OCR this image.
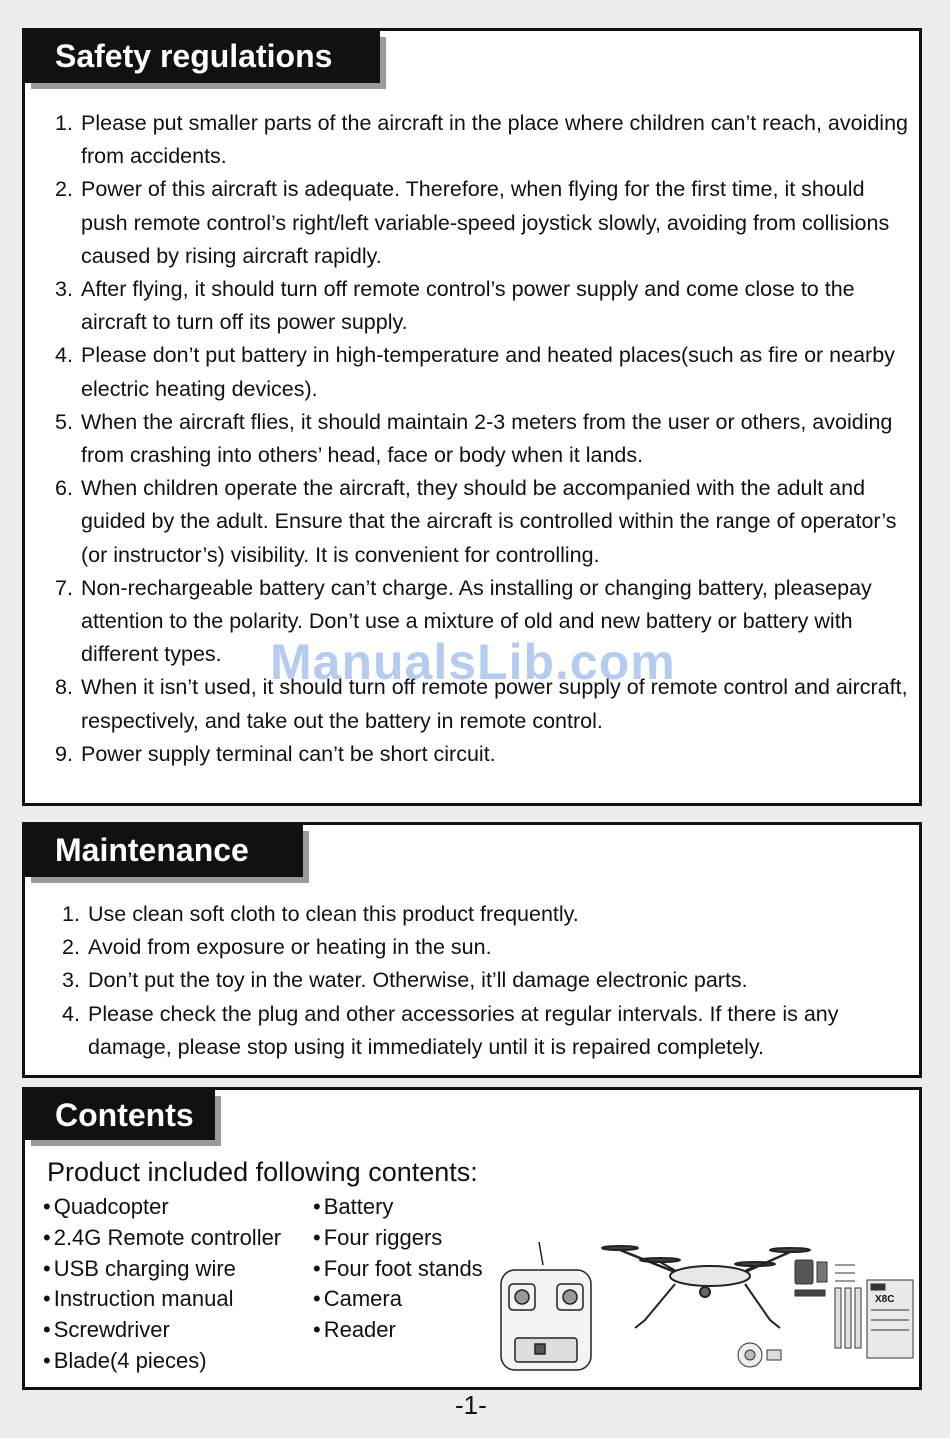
Safety regulations
1. Please put smaller parts of the aircraft in the place where children can’t reach, avoiding from accidents.
2. Power of this aircraft is adequate. Therefore, when flying for the first time, it should push remote control’s right/left variable-speed joystick slowly, avoiding from collisions caused by rising aircraft rapidly.
3. After flying, it should turn off remote control’s power supply and come close to the aircraft to turn off its power supply.
4. Please don’t put battery in high-temperature and heated places(such as fire or nearby electric heating devices).
5. When the aircraft flies, it should maintain 2-3 meters from the user or others, avoiding from crashing into others’ head, face or body when it lands.
6. When children operate the aircraft, they should be accompanied with the adult and guided by the adult. Ensure that the aircraft is controlled within the range of operator’s (or instructor’s) visibility. It is convenient for controlling.
7. Non-rechargeable battery can’t charge. As installing or changing battery, pleasepay attention to the polarity. Don’t use a mixture of old and new battery or battery with different types.
8. When it isn’t used, it should turn off remote power supply of remote control and aircraft, respectively, and take out the battery in remote control.
9. Power supply terminal can’t be short circuit.
ManualsLib.com
Maintenance
1. Use clean soft cloth to clean this product frequently.
2. Avoid from exposure or heating in the sun.
3. Don’t put the toy in the water. Otherwise, it’ll damage electronic parts.
4. Please check the plug and other accessories at regular intervals. If there is any damage, please stop using it immediately until it is repaired completely.
Contents
Product included following contents:
• Quadcopter
• 2.4G Remote controller
• USB charging wire
• Instruction manual
• Screwdriver
• Blade(4 pieces)
• Battery
• Four riggers
• Four foot stands
• Camera
• Reader
X8C
-1-
